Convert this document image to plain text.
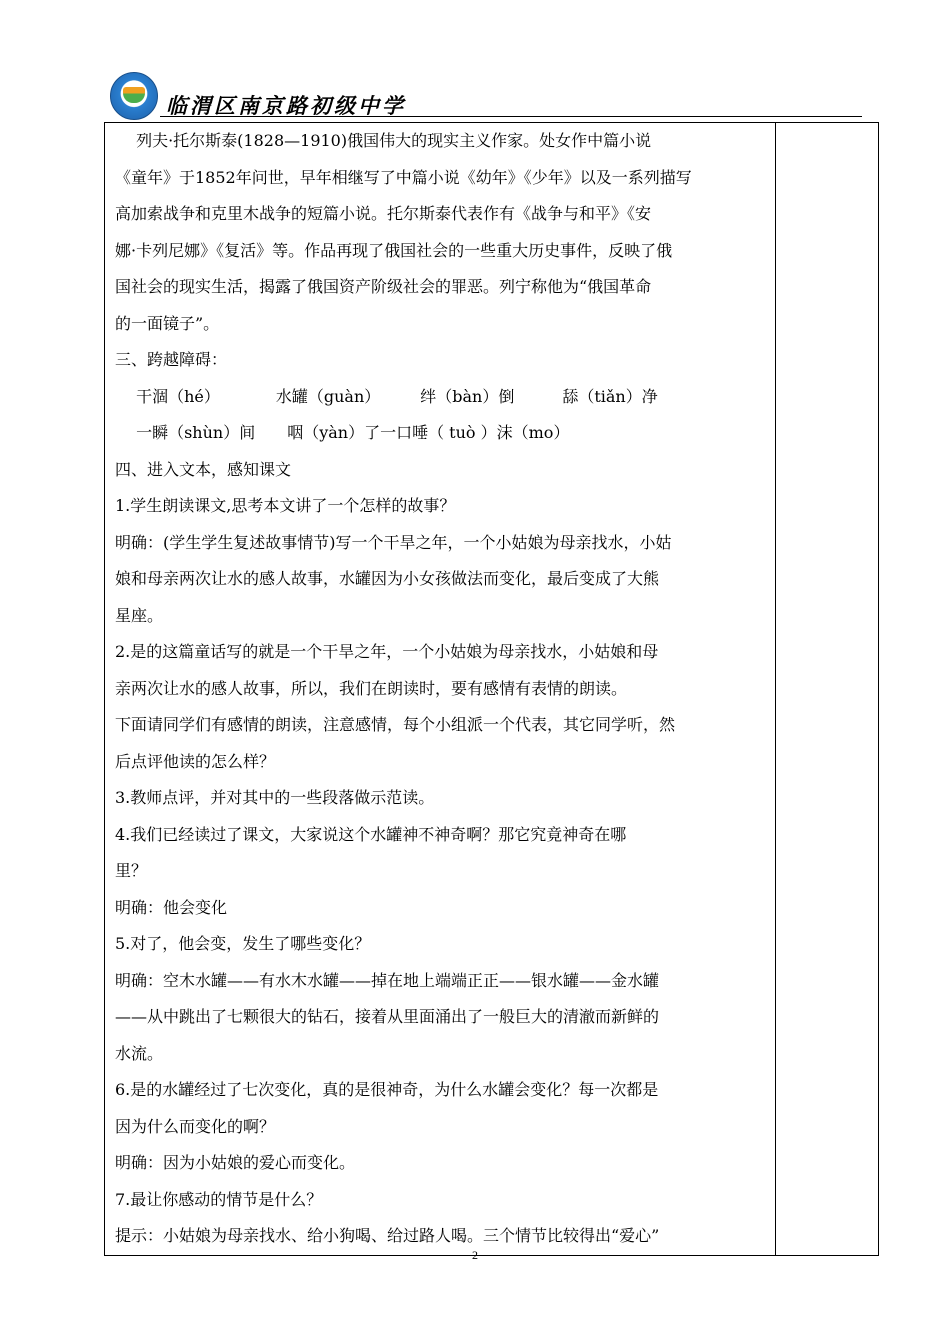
临渭区南京路初级中学
　 列夫·托尔斯泰(1828—1910)俄国伟大的现实主义作家。处女作中篇小说
《童年》于1852年问世，早年相继写了中篇小说《幼年》《少年》以及一系列描写
高加索战争和克里木战争的短篇小说。托尔斯泰代表作有《战争与和平》《安
娜·卡列尼娜》《复活》等。作品再现了俄国社会的一些重大历史事件，反映了俄
国社会的现实生活，揭露了俄国资产阶级社会的罪恶。列宁称他为“俄国革命
的一面镜子”。
三、跨越障碍：
　 干涸（hé）　　　　水罐（guàn）　　　绊（bàn）倒　　　舔（tiǎn）净
　 一瞬（shùn）间　　咽（yàn）了一口唾（ tuò ）沫（mo）
四、进入文本，感知课文
1.学生朗读课文,思考本文讲了一个怎样的故事？
明确：(学生学生复述故事情节)写一个干旱之年，一个小姑娘为母亲找水，小姑
娘和母亲两次让水的感人故事，水罐因为小女孩做法而变化，最后变成了大熊
星座。
2.是的这篇童话写的就是一个干旱之年，一个小姑娘为母亲找水，小姑娘和母
亲两次让水的感人故事，所以，我们在朗读时，要有感情有表情的朗读。
下面请同学们有感情的朗读，注意感情，每个小组派一个代表，其它同学听，然
后点评他读的怎么样？
3.教师点评，并对其中的一些段落做示范读。
4.我们已经读过了课文，大家说这个水罐神不神奇啊？那它究竟神奇在哪
里？
明确：他会变化
5.对了，他会变，发生了哪些变化？
明确：空木水罐——有水木水罐——掉在地上端端正正——银水罐——金水罐
——从中跳出了七颗很大的钻石，接着从里面涌出了一般巨大的清澈而新鲜的
水流。
6.是的水罐经过了七次变化，真的是很神奇，为什么水罐会变化？每一次都是
因为什么而变化的啊？
明确：因为小姑娘的爱心而变化。
7.最让你感动的情节是什么？
提示：小姑娘为母亲找水、给小狗喝、给过路人喝。三个情节比较得出“爱心”

2
